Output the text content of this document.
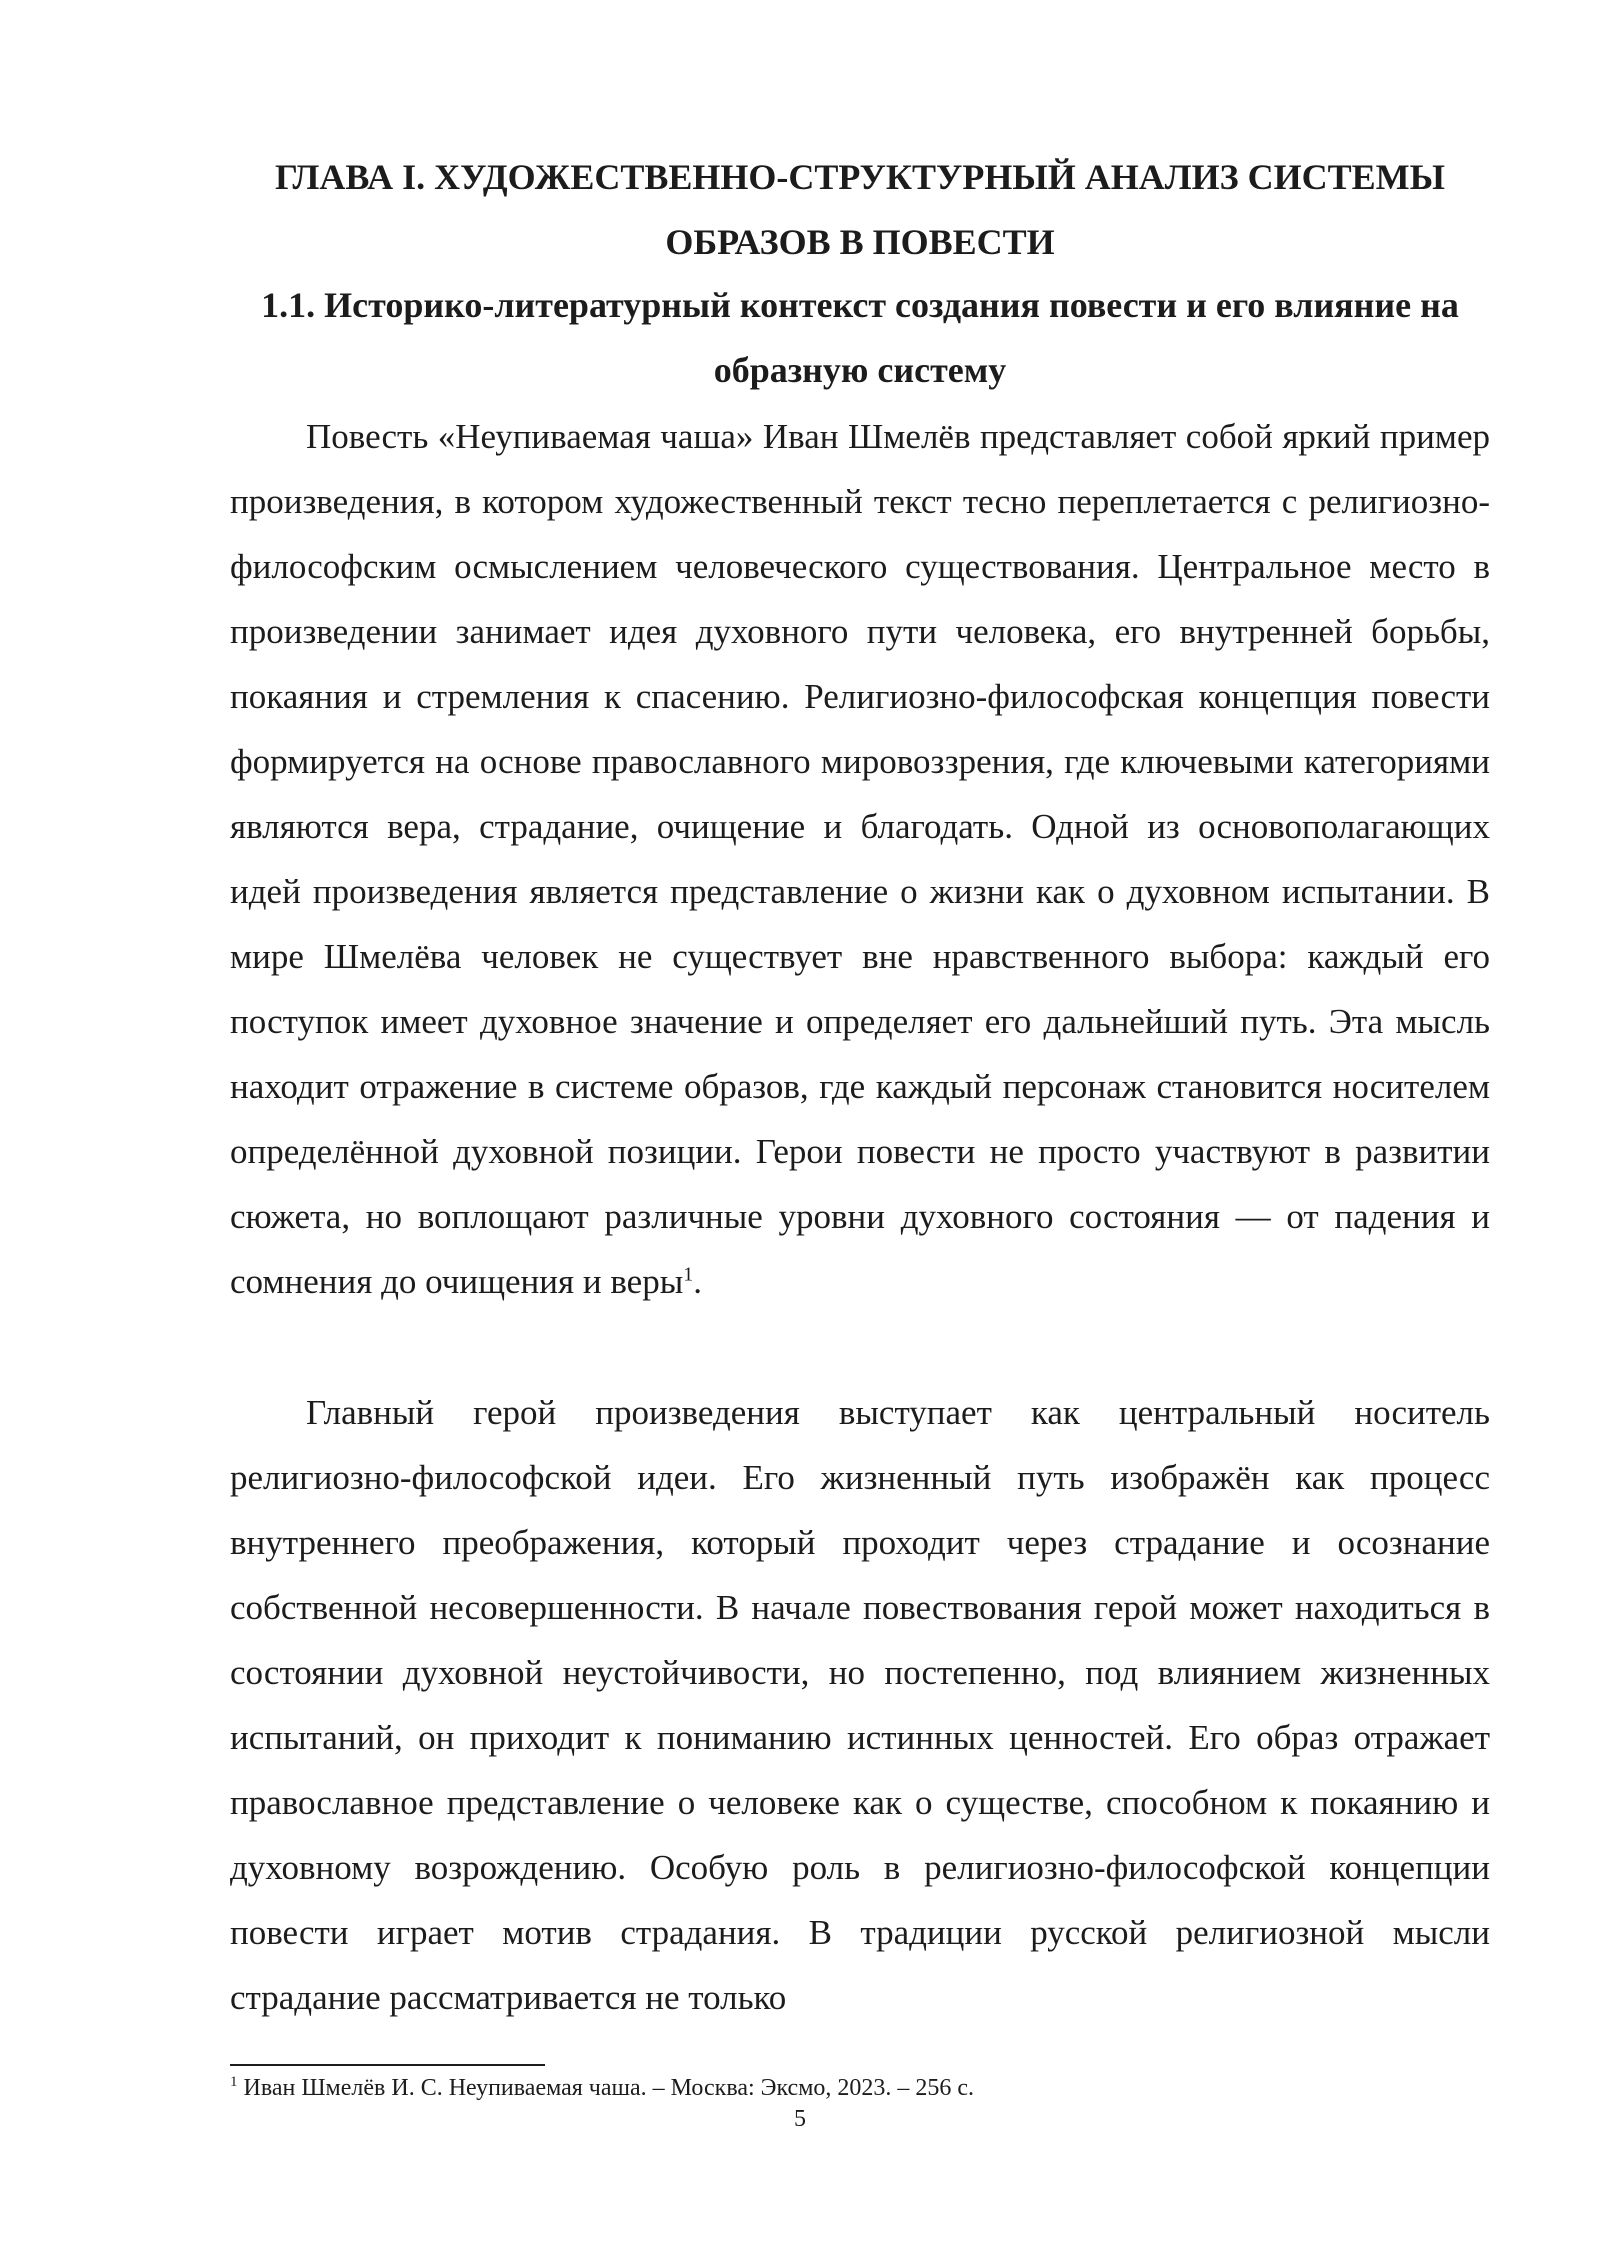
ГЛАВА I. ХУДОЖЕСТВЕННО-СТРУКТУРНЫЙ АНАЛИЗ СИСТЕМЫ ОБРАЗОВ В ПОВЕСТИ
1.1. Историко-литературный контекст создания повести и его влияние на образную систему

Повесть «Неупиваемая чаша» Иван Шмелёв представляет собой яркий пример произведения, в котором художественный текст тесно переплетается с религиозно-философским осмыслением человеческого существования. Центральное место в произведении занимает идея духовного пути человека, его внутренней борьбы, покаяния и стремления к спасению. Религиозно-философская концепция повести формируется на основе православного мировоззрения, где ключевыми категориями являются вера, страдание, очищение и благодать. Одной из основополагающих идей произведения является представление о жизни как о духовном испытании. В мире Шмелёва человек не существует вне нравственного выбора: каждый его поступок имеет духовное значение и определяет его дальнейший путь. Эта мысль находит отражение в системе образов, где каждый персонаж становится носителем определённой духовной позиции. Герои повести не просто участвуют в развитии сюжета, но воплощают различные уровни духовного состояния — от падения и сомнения до очищения и веры$^1$.

Главный герой произведения выступает как центральный носитель религиозно-философской идеи. Его жизненный путь изображён как процесс внутреннего преображения, который проходит через страдание и осознание собственной несовершенности. В начале повествования герой может находиться в состоянии духовной неустойчивости, но постепенно, под влиянием жизненных испытаний, он приходит к пониманию истинных ценностей. Его образ отражает православное представление о человеке как о существе, способном к покаянию и духовному возрождению. Особую роль в религиозно-философской концепции повести играет мотив страдания. В традиции русской религиозной мысли страдание рассматривается не только

$^1$ Иван Шмелёв И. С. Неупиваемая чаша. – Москва: Эксмо, 2023. – 256 с.
5
